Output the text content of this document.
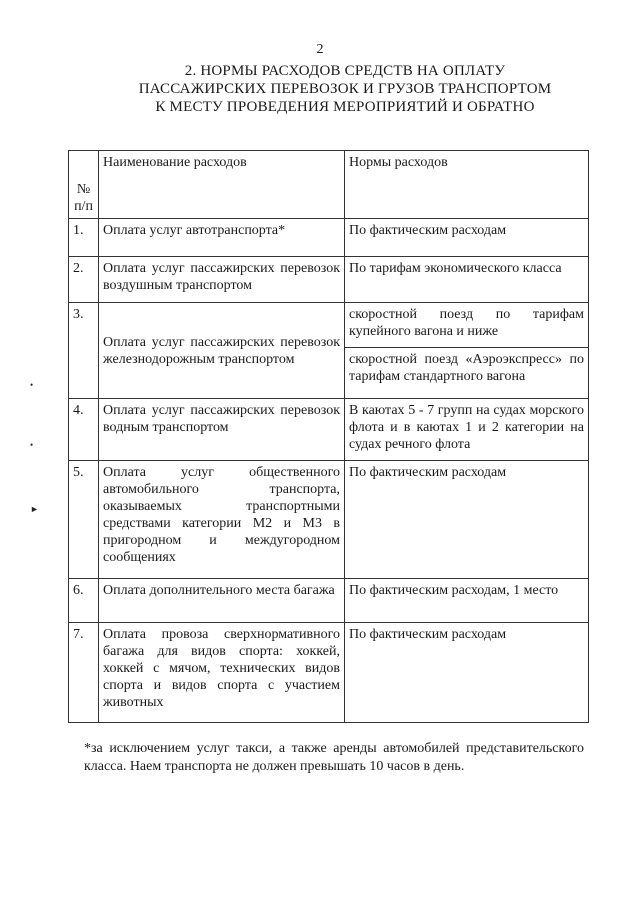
2
2. НОРМЫ РАСХОДОВ СРЕДСТВ НА ОПЛАТУ
ПАССАЖИРСКИХ ПЕРЕВОЗОК И ГРУЗОВ ТРАНСПОРТОМ
К МЕСТУ ПРОВЕДЕНИЯ МЕРОПРИЯТИЙ И ОБРАТНО
•
•
►
№ п/п	Наименование расходов	Нормы расходов
1.	Оплата услуг автотранспорта*	По фактическим расходам
2.	Оплата услуг пассажирских перевозок воздушным транспортом	По тарифам экономического класса
3.	Оплата услуг пассажирских перевозок железнодорожным транспортом	скоростной поезд по тарифам купейного вагона и ниже
скоростной поезд «Аэроэкспресс» по тарифам стандартного вагона

4.	Оплата услуг пассажирских перевозок водным транспортом	В каютах 5 - 7 групп на судах морского флота и в каютах 1 и 2 категории на судах речного флота
5.	Оплата услуг общественного автомобильного транспорта, оказываемых транспортными средствами категории М2 и М3 в пригородном и междугородном сообщениях	По фактическим расходам
6.	Оплата дополнительного места багажа	По фактическим расходам, 1 место
7.	Оплата провоза сверхнормативного багажа для видов спорта: хоккей, хоккей с мячом, технических видов спорта и видов спорта с участием животных	По фактическим расходам
*за исключением услуг такси, а также аренды автомобилей представительского класса. Наем транспорта не должен превышать 10 часов в день.
